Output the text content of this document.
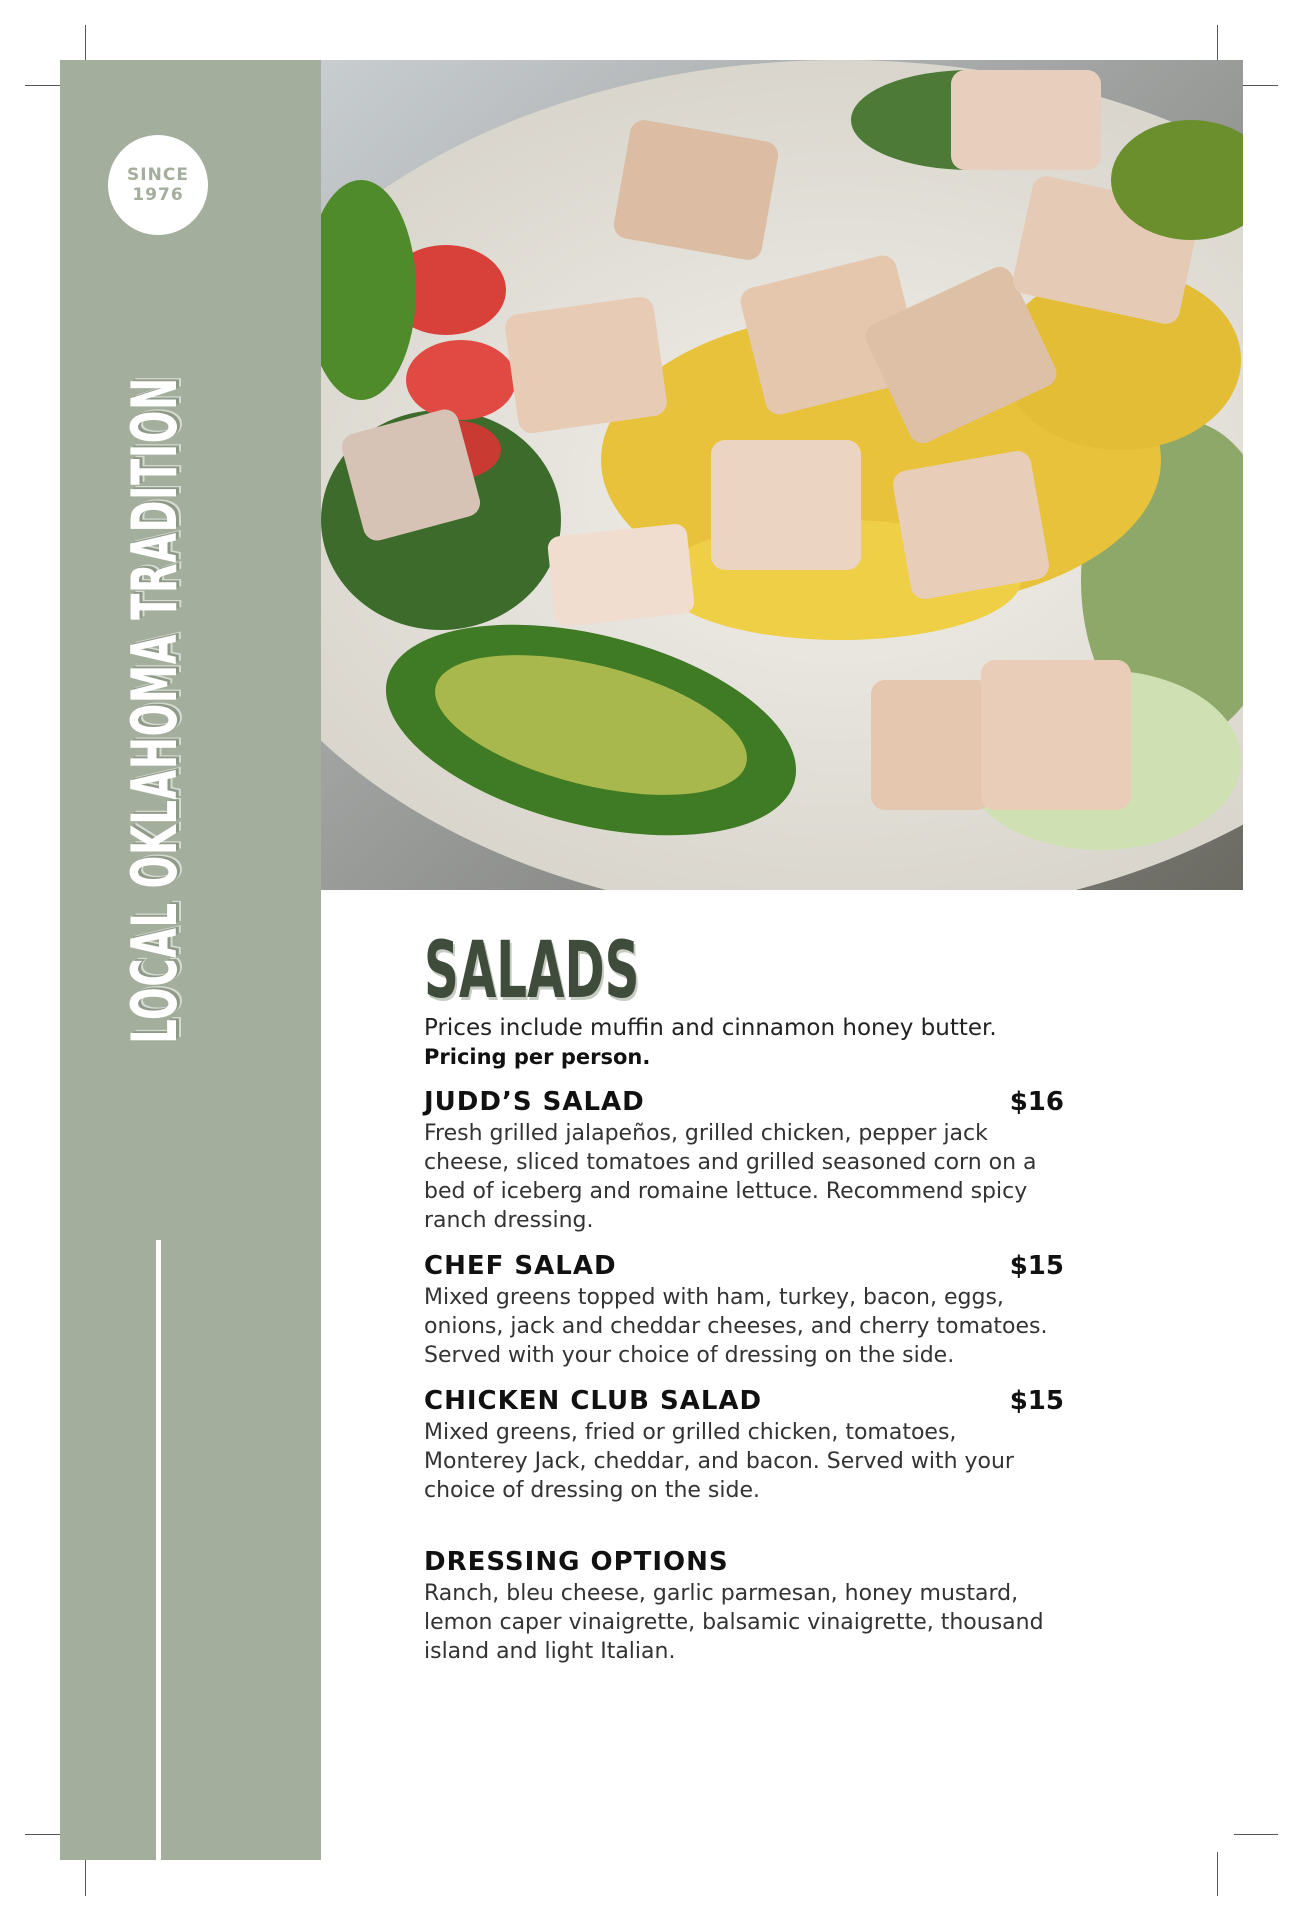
SINCE
1976
LOCAL OKLAHOMA TRADITION	SALADS
Prices include muffin and cinnamon honey butter.
Pricing per person.
JUDD’S SALAD	$16
Fresh grilled jalapeños, grilled chicken, pepper jack cheese, sliced tomatoes and grilled seasoned corn on a bed of iceberg and romaine lettuce. Recommend spicy ranch dressing.
CHEF SALAD	$15
Mixed greens topped with ham, turkey, bacon, eggs, onions, jack and cheddar cheeses, and cherry tomatoes. Served with your choice of dressing on the side.
CHICKEN CLUB SALAD	$15
Mixed greens, fried or grilled chicken, tomatoes, Monterey Jack, cheddar, and bacon. Served with your choice of dressing on the side.
DRESSING OPTIONS
Ranch, bleu cheese, garlic parmesan, honey mustard, lemon caper vinaigrette, balsamic vinaigrette, thousand island and light Italian.
